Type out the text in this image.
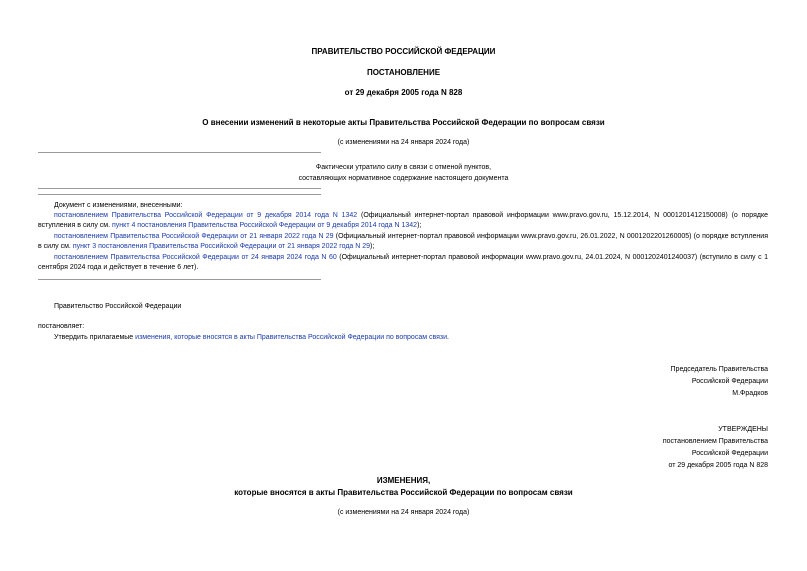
ПРАВИТЕЛЬСТВО РОССИЙСКОЙ ФЕДЕРАЦИИ
ПОСТАНОВЛЕНИЕ
от 29 декабря 2005 года N 828
О внесении изменений в некоторые акты Правительства Российской Федерации по вопросам связи
(с изменениями на 24 января 2024 года)
Фактически утратило силу в связи с отменой пунктов,
составляющих нормативное содержание настоящего документа
Документ с изменениями, внесенными:
постановлением Правительства Российской Федерации от 9 декабря 2014 года N 1342 (Официальный интернет-портал правовой информации www.pravo.gov.ru, 15.12.2014, N 0001201412150008) (о порядке вступления в силу см. пункт 4 постановления Правительства Российской Федерации от 9 декабря 2014 года N 1342);
постановлением Правительства Российской Федерации от 21 января 2022 года N 29 (Официальный интернет-портал правовой информации www.pravo.gov.ru, 26.01.2022, N 0001202201260005) (о порядке вступления в силу см. пункт 3 постановления Правительства Российской Федерации от 21 января 2022 года N 29);
постановлением Правительства Российской Федерации от 24 января 2024 года N 60 (Официальный интернет-портал правовой информации www.pravo.gov.ru, 24.01.2024, N 0001202401240037) (вступило в силу с 1 сентября 2024 года и действует в течение 6 лет).
Правительство Российской Федерации
постановляет:
Утвердить прилагаемые изменения, которые вносятся в акты Правительства Российской Федерации по вопросам связи.
Председатель Правительства
Российской Федерации
М.Фрадков
УТВЕРЖДЕНЫ
постановлением Правительства
Российской Федерации
от 29 декабря 2005 года N 828
ИЗМЕНЕНИЯ,
которые вносятся в акты Правительства Российской Федерации по вопросам связи
(с изменениями на 24 января 2024 года)
